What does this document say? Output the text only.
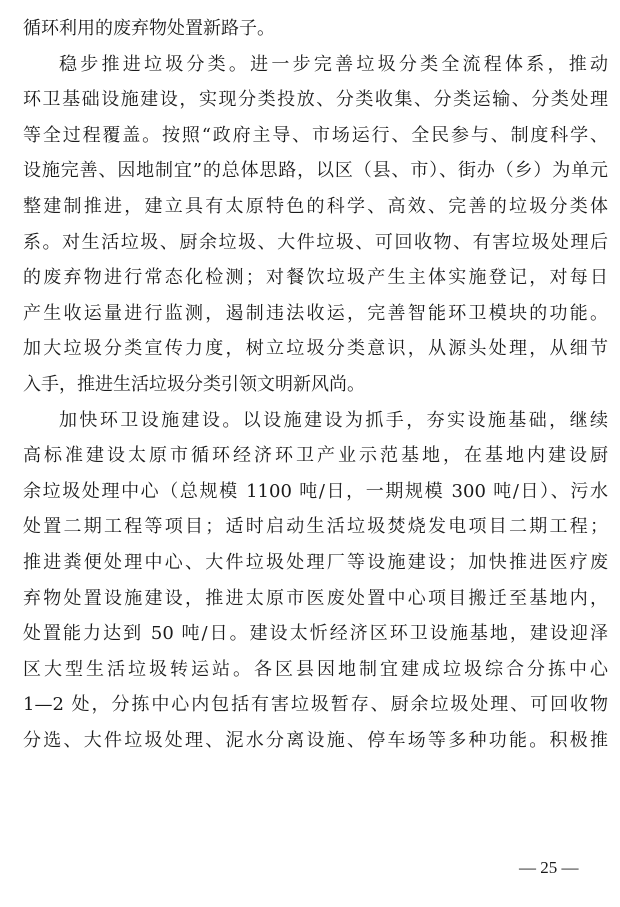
循环利用的废弃物处置新路子。
稳步推进垃圾分类。进一步完善垃圾分类全流程体系，推动
环卫基础设施建设，实现分类投放、分类收集、分类运输、分类处理
等全过程覆盖。按照“政府主导、市场运行、全民参与、制度科学、
设施完善、因地制宜”的总体思路，以区（县、市）、街办（乡）为单元
整建制推进，建立具有太原特色的科学、高效、完善的垃圾分类体
系。对生活垃圾、厨余垃圾、大件垃圾、可回收物、有害垃圾处理后
的废弃物进行常态化检测；对餐饮垃圾产生主体实施登记，对每日
产生收运量进行监测，遏制违法收运，完善智能环卫模块的功能。
加大垃圾分类宣传力度，树立垃圾分类意识，从源头处理，从细节
入手，推进生活垃圾分类引领文明新风尚。
加快环卫设施建设。以设施建设为抓手，夯实设施基础，继续
高标准建设太原市循环经济环卫产业示范基地，在基地内建设厨
余垃圾处理中心（总规模 1100 吨/日，一期规模 300 吨/日）、污水
处置二期工程等项目；适时启动生活垃圾焚烧发电项目二期工程；
推进粪便处理中心、大件垃圾处理厂等设施建设；加快推进医疗废
弃物处置设施建设，推进太原市医废处置中心项目搬迁至基地内，
处置能力达到 50 吨/日。建设太忻经济区环卫设施基地，建设迎泽
区大型生活垃圾转运站。各区县因地制宜建成垃圾综合分拣中心
1—2 处，分拣中心内包括有害垃圾暂存、厨余垃圾处理、可回收物
分选、大件垃圾处理、泥水分离设施、停车场等多种功能。积极推
— 25 —
